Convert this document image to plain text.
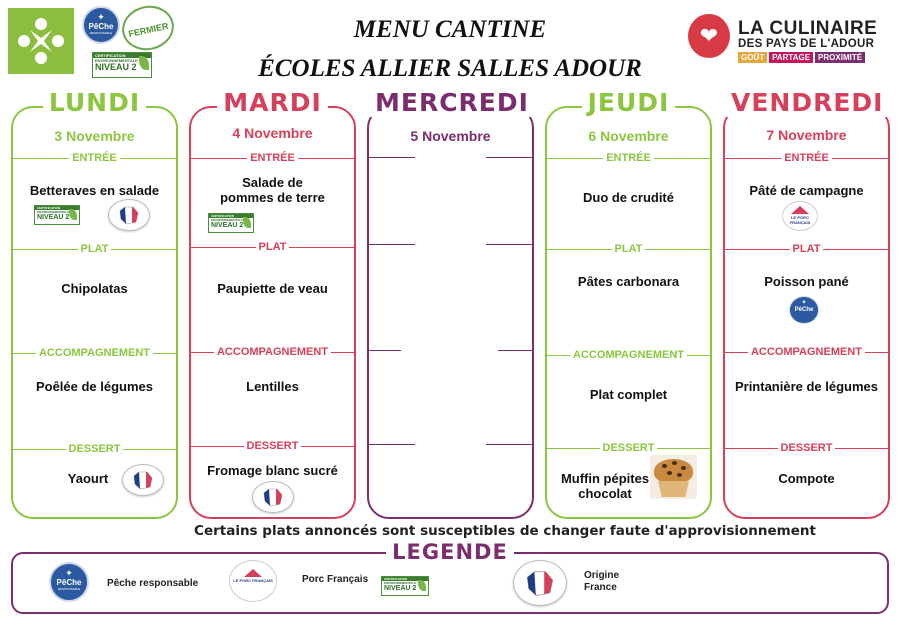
MENU CANTINE
ÉCOLES ALLIER SALLES ADOUR
✦
PêChe
RESPONSABLE	FERMIER
CERTIFICATION
ENVIRONNEMENTALE
NIVEAU 2
❤	LA CULINAIRE
DES PAYS DE L'ADOUR
GOÛT	PARTAGE	PROXIMITÉ
LUNDI
3 Novembre
ENTRÉE
Betteraves en salade
PLAT
Chipolatas
ACCOMPAGNEMENT
Poêlée de légumes
DESSERT
Yaourt
MARDI
4 Novembre
ENTRÉE
Salade de
pommes de terre
PLAT
Paupiette de veau
ACCOMPAGNEMENT
Lentilles
DESSERT
Fromage blanc sucré
MERCREDI
5 Novembre
JEUDI
6 Novembre
ENTRÉE
Duo de crudité
PLAT
Pâtes carbonara
ACCOMPAGNEMENT
Plat complet
DESSERT
Muffin pépites
chocolat
VENDREDI
7 Novembre
ENTRÉE
Pâté de campagne
PLAT
Poisson pané
ACCOMPAGNEMENT
Printanière de légumes
DESSERT
Compote
CERTIFICATION
ENVIRONNEMENTALE
NIVEAU 2	CERTIFICATION
ENVIRONNEMENTALE
NIVEAU 2
LE PORC FRANÇAIS
✦
PêChe
Certains plats annoncés sont susceptibles de changer faute d'approvisionnement
LEGENDE
✦
PêChe
RESPONSABLE	Pêche responsable	LE PORC FRANÇAIS	Porc Français	CERTIFICATION
ENVIRONNEMENTALE
NIVEAU 2
Origine
France
